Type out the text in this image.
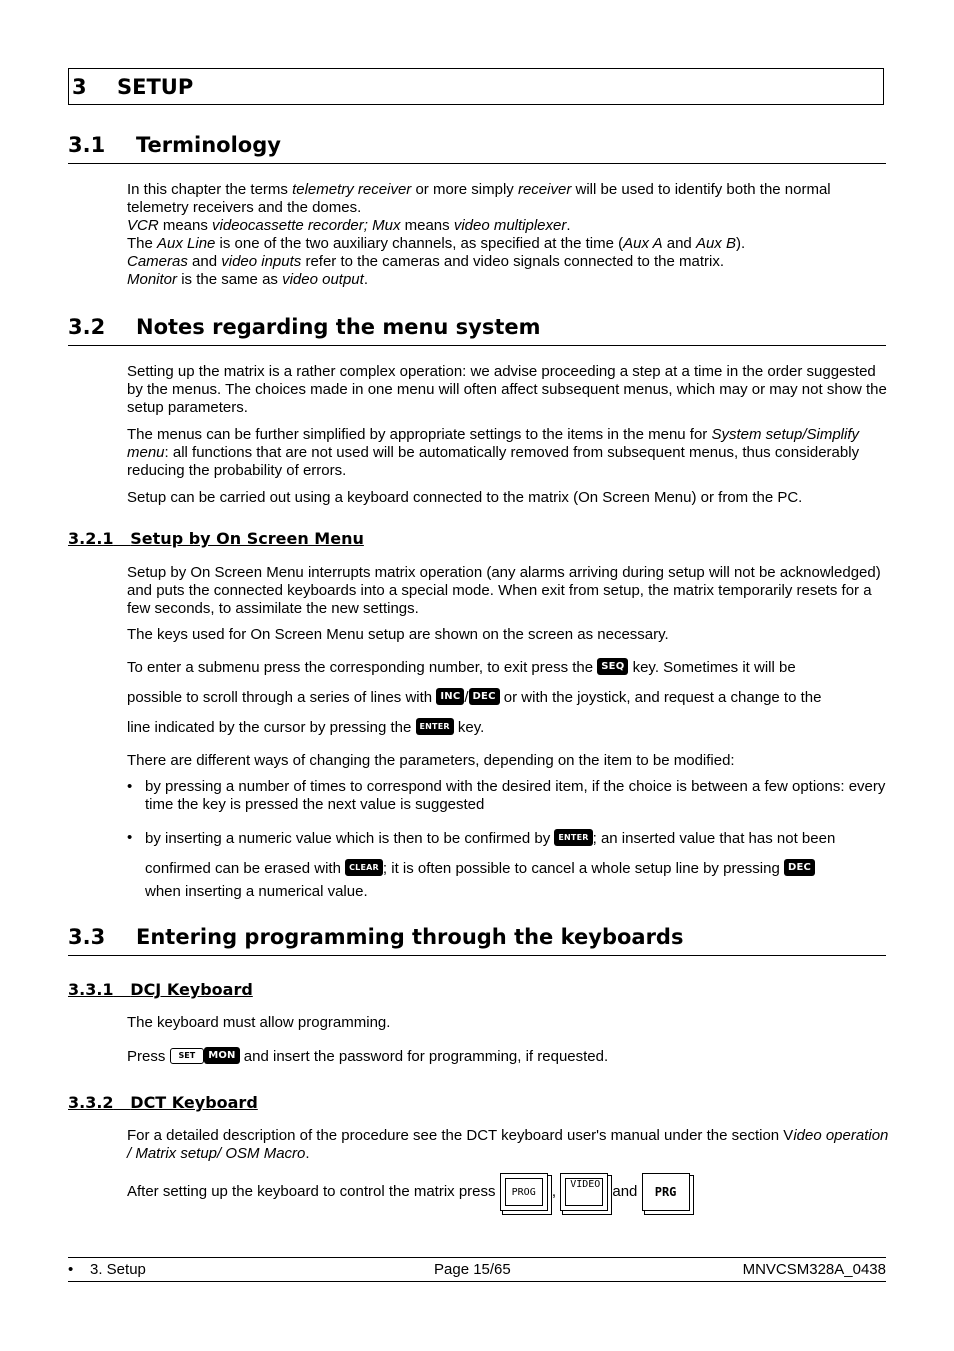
3 SETUP
3.1 Terminology

In this chapter the terms telemetry receiver or more simply receiver will be used to identify both the normal

telemetry receivers and the domes.

VCR means videocassette recorder; Mux means video multiplexer.

The Aux Line is one of the two auxiliary channels, as specified at the time (Aux A and Aux B).

Cameras and video inputs refer to the cameras and video signals connected to the matrix.

Monitor is the same as video output.

3.2 Notes regarding the menu system

Setting up the matrix is a rather complex operation: we advise proceeding a step at a time in the order suggested by the menus. The choices made in one menu will often affect subsequent menus, which may or may not show the setup parameters.

The menus can be further simplified by appropriate settings to the items in the menu for System setup/Simplify menu: all functions that are not used will be automatically removed from subsequent menus, thus considerably reducing the probability of errors.

Setup can be carried out using a keyboard connected to the matrix (On Screen Menu) or from the PC.

3.2.1 Setup by On Screen Menu

Setup by On Screen Menu interrupts matrix operation (any alarms arriving during setup will not be acknowledged) and puts the connected keyboards into a special mode. When exit from setup, the matrix temporarily resets for a few seconds, to assimilate the new settings.

The keys used for On Screen Menu setup are shown on the screen as necessary.

To enter a submenu press the corresponding number, to exit press the SEQ key. Sometimes it will be

possible to scroll through a series of lines with INC / DEC or with the joystick, and request a change to the

line indicated by the cursor by pressing the ENTER key.

There are different ways of changing the parameters, depending on the item to be modified:

• by pressing a number of times to correspond with the desired item, if the choice is between a few options: every time the key is pressed the next value is suggested
• by inserting a numeric value which is then to be confirmed by ENTER ; an inserted value that has not been
confirmed can be erased with CLEAR ; it is often possible to cancel a whole setup line by pressing DEC
when inserting a numerical value.
3.3 Entering programming through the keyboards
3.3.1 DCJ Keyboard

The keyboard must allow programming.

Press SET MON and insert the password for programming, if requested.

3.3.2 DCT Keyboard

For a detailed description of the procedure see the DCT keyboard user's manual under the section Video operation / Matrix setup/ OSM Macro.

After setting up the keyboard to control the matrix press	PROG ,	VIDEO and	PRG .
• 3. Setup	Page 15/65	MNVCSM328A_0438
